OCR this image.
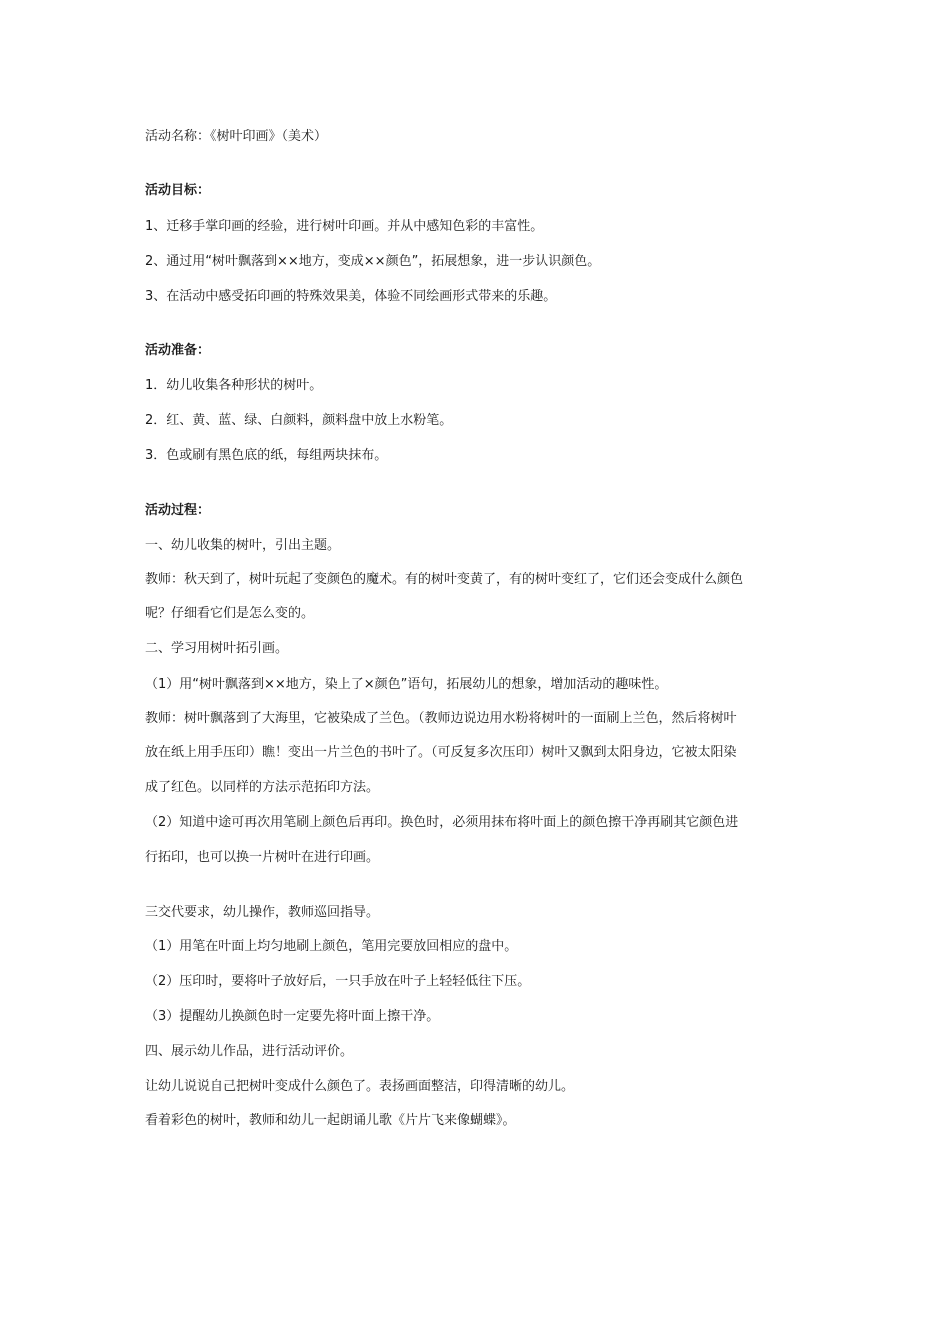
活动名称：《树叶印画》（美术）
活动目标：
1、迁移手掌印画的经验，进行树叶印画。并从中感知色彩的丰富性。
2、通过用“树叶飘落到××地方，变成××颜色”，拓展想象，进一步认识颜色。
3、在活动中感受拓印画的特殊效果美，体验不同绘画形式带来的乐趣。
活动准备：
1．幼儿收集各种形状的树叶。
2．红、黄、蓝、绿、白颜料，颜料盘中放上水粉笔。
3．色或刷有黑色底的纸，每组两块抹布。
活动过程：
一、幼儿收集的树叶，引出主题。
教师：秋天到了，树叶玩起了变颜色的魔术。有的树叶变黄了，有的树叶变红了，它们还会变成什么颜色
呢？仔细看它们是怎么变的。
二、学习用树叶拓引画。
（1）用“树叶飘落到××地方，染上了×颜色”语句，拓展幼儿的想象，增加活动的趣味性。
教师：树叶飘落到了大海里，它被染成了兰色。（教师边说边用水粉将树叶的一面刷上兰色，然后将树叶
放在纸上用手压印）瞧！变出一片兰色的书叶了。（可反复多次压印）树叶又飘到太阳身边，它被太阳染
成了红色。以同样的方法示范拓印方法。
（2）知道中途可再次用笔刷上颜色后再印。换色时，必须用抹布将叶面上的颜色擦干净再刷其它颜色进
行拓印，也可以换一片树叶在进行印画。
三交代要求，幼儿操作，教师巡回指导。
（1）用笔在叶面上均匀地刷上颜色，笔用完要放回相应的盘中。
（2）压印时，要将叶子放好后，一只手放在叶子上轻轻低往下压。
（3）提醒幼儿换颜色时一定要先将叶面上擦干净。
四、展示幼儿作品，进行活动评价。
让幼儿说说自己把树叶变成什么颜色了。表扬画面整洁，印得清晰的幼儿。
看着彩色的树叶，教师和幼儿一起朗诵儿歌《片片飞来像蝴蝶》。
